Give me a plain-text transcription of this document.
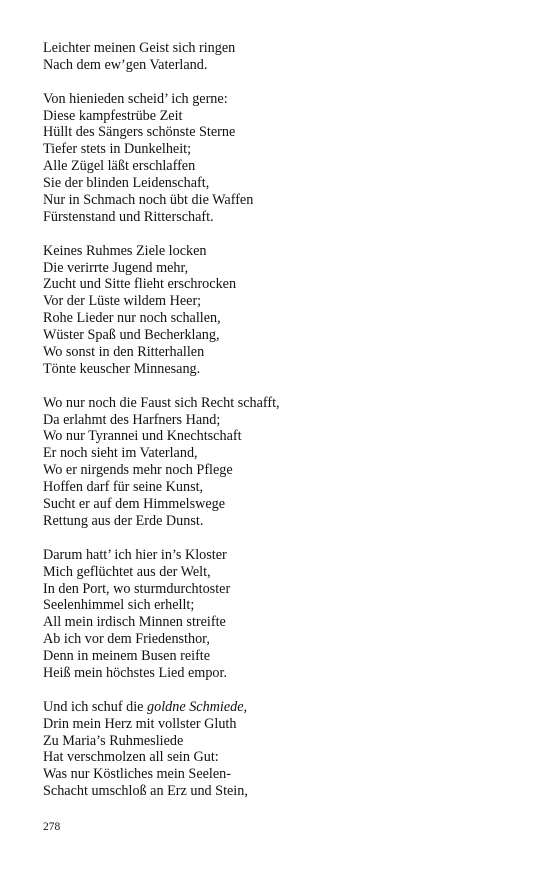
Leichter meinen Geist sich ringen
Nach dem ew’gen Vaterland.
Von hienieden scheid’ ich gerne:
Diese kampfestrübe Zeit
Hüllt des Sängers schönste Sterne
Tiefer stets in Dunkelheit;
Alle Zügel läßt erschlaffen
Sie der blinden Leidenschaft,
Nur in Schmach noch übt die Waffen
Fürstenstand und Ritterschaft.
Keines Ruhmes Ziele locken
Die verirrte Jugend mehr,
Zucht und Sitte flieht erschrocken
Vor der Lüste wildem Heer;
Rohe Lieder nur noch schallen,
Wüster Spaß und Becherklang,
Wo sonst in den Ritterhallen
Tönte keuscher Minnesang.
Wo nur noch die Faust sich Recht schafft,
Da erlahmt des Harfners Hand;
Wo nur Tyrannei und Knechtschaft
Er noch sieht im Vaterland,
Wo er nirgends mehr noch Pflege
Hoffen darf für seine Kunst,
Sucht er auf dem Himmelswege
Rettung aus der Erde Dunst.
Darum hatt’ ich hier in’s Kloster
Mich geflüchtet aus der Welt,
In den Port, wo sturmdurchtoster
Seelenhimmel sich erhellt;
All mein irdisch Minnen streifte
Ab ich vor dem Friedensthor,
Denn in meinem Busen reifte
Heiß mein höchstes Lied empor.
Und ich schuf die goldne Schmiede,
Drin mein Herz mit vollster Gluth
Zu Maria’s Ruhmesliede
Hat verschmolzen all sein Gut:
Was nur Köstliches mein Seelen-
Schacht umschloß an Erz und Stein,
278
